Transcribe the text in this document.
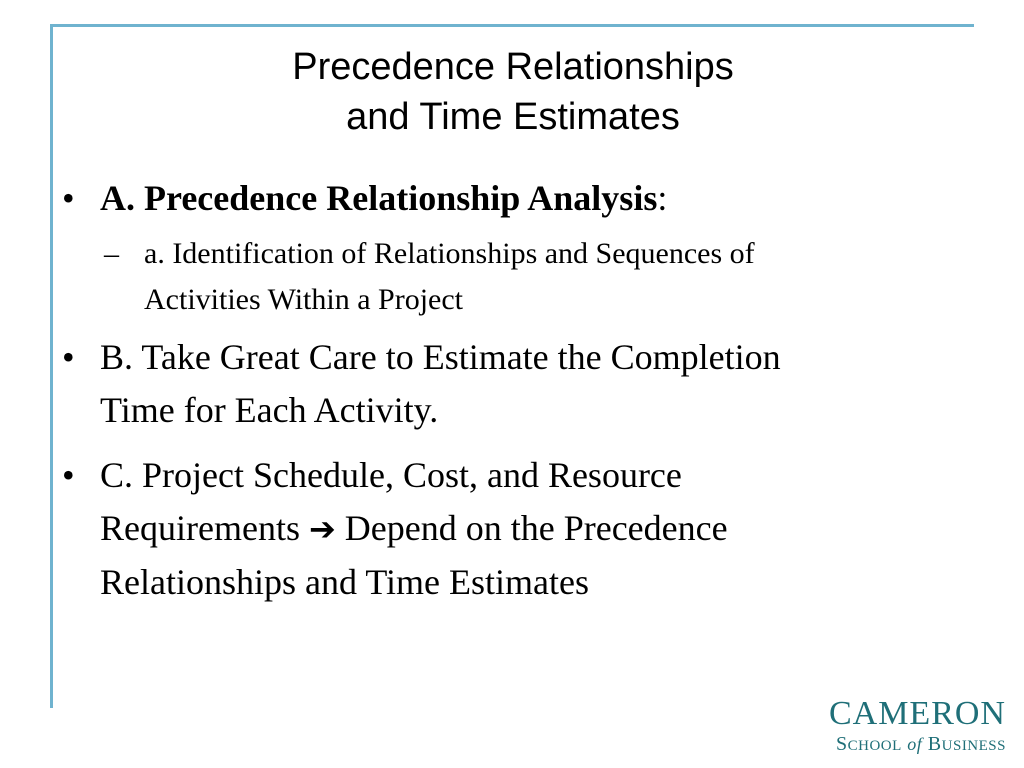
Precedence Relationships
and Time Estimates
• A. Precedence Relationship Analysis:
– a. Identification of Relationships and Sequences of
Activities Within a Project
• B. Take Great Care to Estimate the Completion
Time for Each Activity.
• C. Project Schedule, Cost, and Resource
Requirements ➔ Depend on the Precedence
Relationships and Time Estimates
CAMERON
SCHOOL of BUSINESS
